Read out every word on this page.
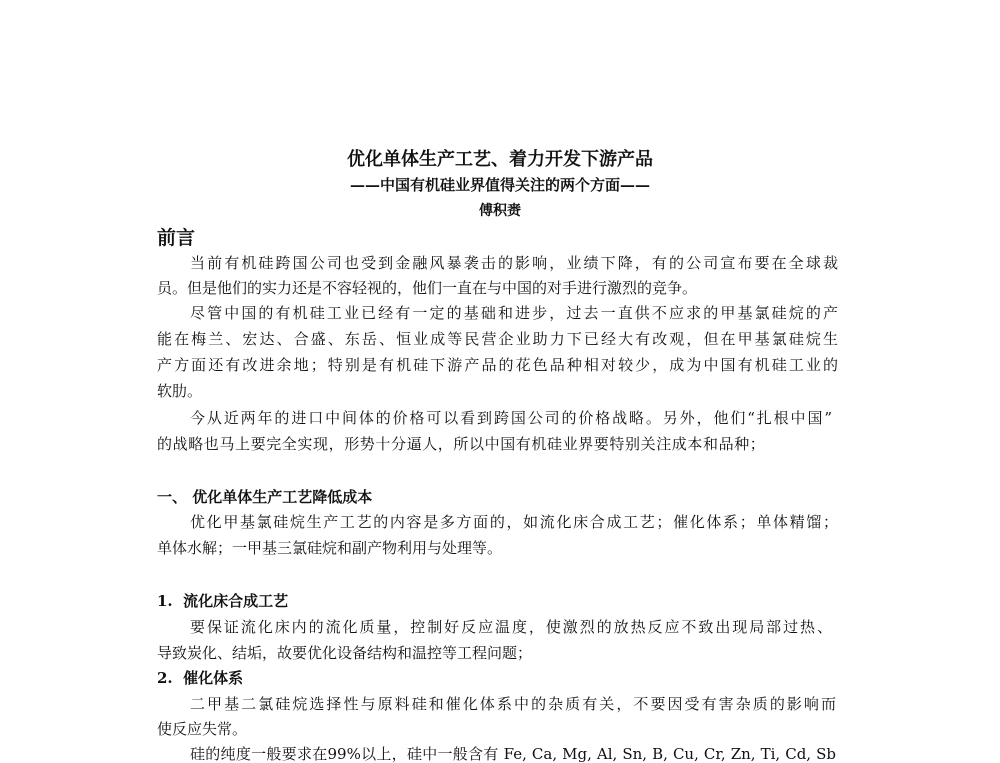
优化单体生产工艺、着力开发下游产品
——中国有机硅业界值得关注的两个方面——
傅积赉
前言
当前有机硅跨国公司也受到金融风暴袭击的影响，业绩下降，有的公司宣布要在全球裁
员。但是他们的实力还是不容轻视的，他们一直在与中国的对手进行激烈的竞争。
尽管中国的有机硅工业已经有一定的基础和进步，过去一直供不应求的甲基氯硅烷的产
能在梅兰、宏达、合盛、东岳、恒业成等民营企业助力下已经大有改观，但在甲基氯硅烷生
产方面还有改进余地；特别是有机硅下游产品的花色品种相对较少，成为中国有机硅工业的
软肋。
今从近两年的进口中间体的价格可以看到跨国公司的价格战略。另外，他们“扎根中国”
的战略也马上要完全实现，形势十分逼人，所以中国有机硅业界要特别关注成本和品种；
一、 优化单体生产工艺降低成本
优化甲基氯硅烷生产工艺的内容是多方面的，如流化床合成工艺；催化体系；单体精馏；
单体水解；一甲基三氯硅烷和副产物利用与处理等。
1.  流化床合成工艺
要保证流化床内的流化质量，控制好反应温度，使激烈的放热反应不致出现局部过热、
导致炭化、结垢，故要优化设备结构和温控等工程问题；
2.  催化体系
二甲基二氯硅烷选择性与原料硅和催化体系中的杂质有关，不要因受有害杂质的影响而
使反应失常。
硅的纯度一般要求在99%以上，硅中一般含有 Fe, Ca, Mg, Al, Sn, B, Cu, Cr, Zn, Ti, Cd, Sb
